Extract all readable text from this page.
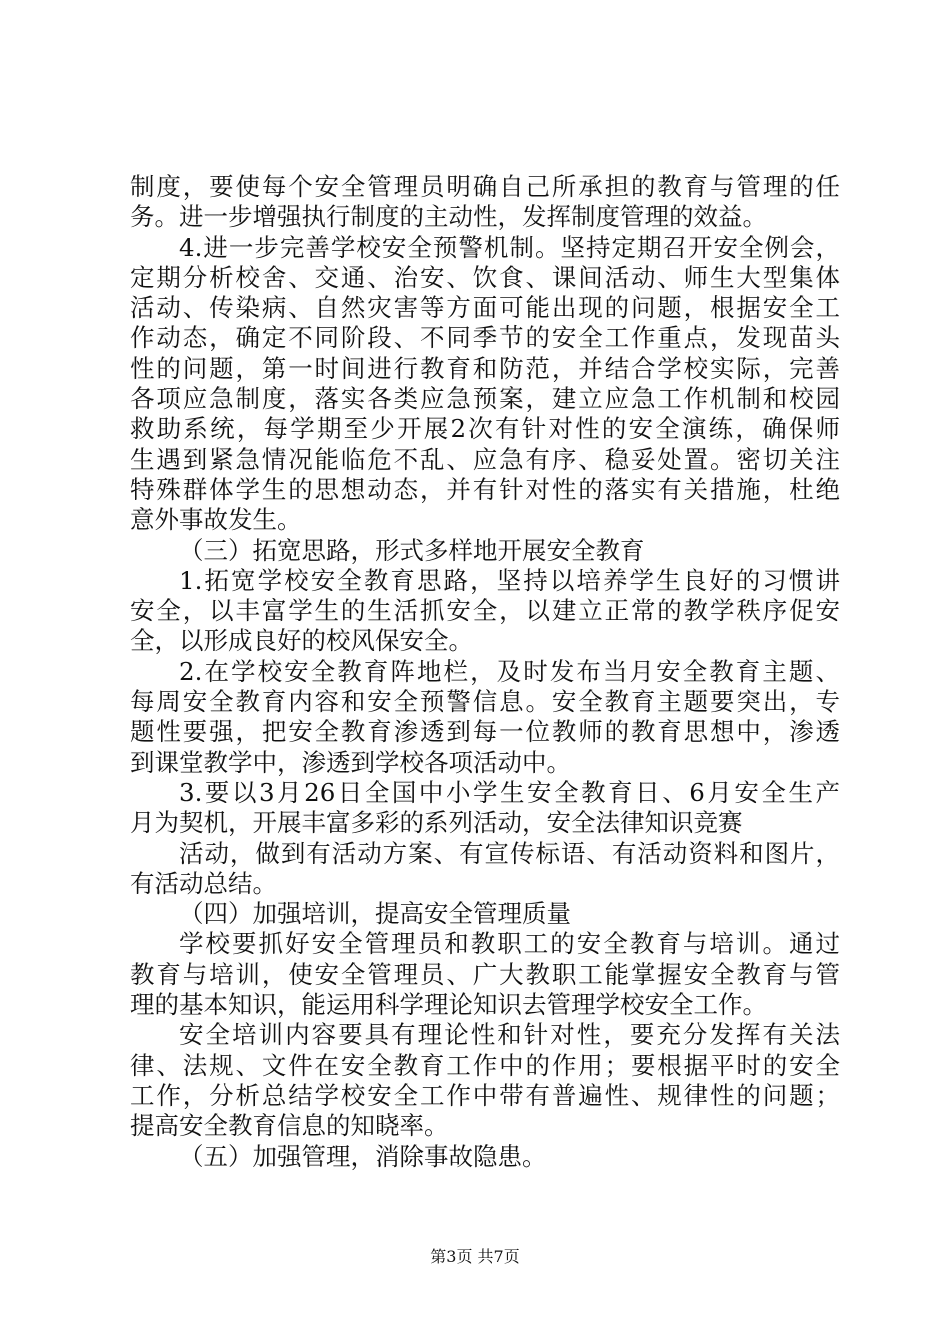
制度，要使每个安全管理员明确自己所承担的教育与管理的任
务。进一步增强执行制度的主动性，发挥制度管理的效益。
4.进一步完善学校安全预警机制。坚持定期召开安全例会，
定期分析校舍、交通、治安、饮食、课间活动、师生大型集体
活动、传染病、自然灾害等方面可能出现的问题，根据安全工
作动态，确定不同阶段、不同季节的安全工作重点，发现苗头
性的问题，第一时间进行教育和防范，并结合学校实际，完善
各项应急制度，落实各类应急预案，建立应急工作机制和校园
救助系统，每学期至少开展2次有针对性的安全演练，确保师
生遇到紧急情况能临危不乱、应急有序、稳妥处置。密切关注
特殊群体学生的思想动态，并有针对性的落实有关措施，杜绝
意外事故发生。
（三）拓宽思路，形式多样地开展安全教育
1.拓宽学校安全教育思路，坚持以培养学生良好的习惯讲
安全，以丰富学生的生活抓安全，以建立正常的教学秩序促安
全，以形成良好的校风保安全。
2.在学校安全教育阵地栏，及时发布当月安全教育主题、
每周安全教育内容和安全预警信息。安全教育主题要突出，专
题性要强，把安全教育渗透到每一位教师的教育思想中，渗透
到课堂教学中，渗透到学校各项活动中。
3.要以3月26日全国中小学生安全教育日、6月安全生产
月为契机，开展丰富多彩的系列活动，安全法律知识竞赛
活动，做到有活动方案、有宣传标语、有活动资料和图片，
有活动总结。
（四）加强培训，提高安全管理质量
学校要抓好安全管理员和教职工的安全教育与培训。通过
教育与培训，使安全管理员、广大教职工能掌握安全教育与管
理的基本知识，能运用科学理论知识去管理学校安全工作。
安全培训内容要具有理论性和针对性，要充分发挥有关法
律、法规、文件在安全教育工作中的作用；要根据平时的安全
工作，分析总结学校安全工作中带有普遍性、规律性的问题；
提高安全教育信息的知晓率。
（五）加强管理，消除事故隐患。
第3页 共7页
